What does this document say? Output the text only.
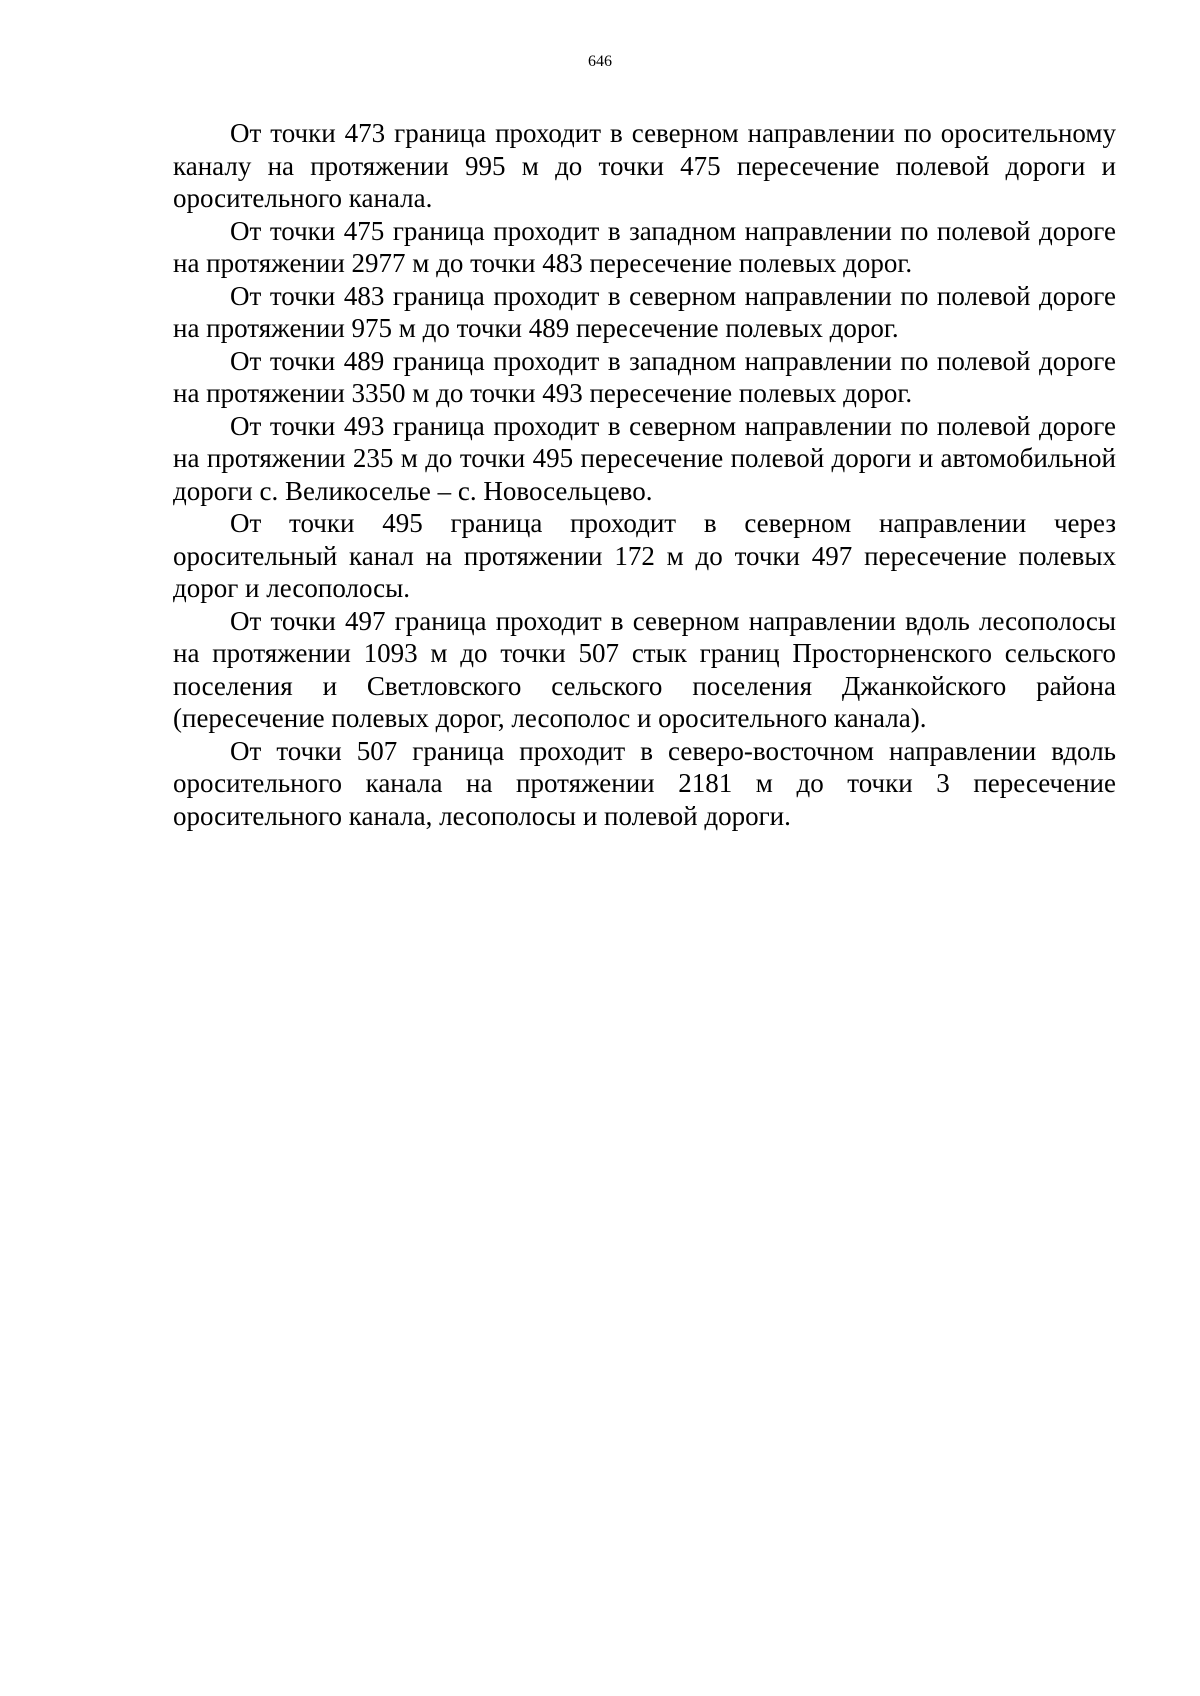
646

От точки 473 граница проходит в северном направлении по оросительному каналу на протяжении 995 м до точки 475 пересечение полевой дороги и оросительного канала.

От точки 475 граница проходит в западном направлении по полевой дороге на протяжении 2977 м до точки 483 пересечение полевых дорог.

От точки 483 граница проходит в северном направлении по полевой дороге на протяжении 975 м до точки 489 пересечение полевых дорог.

От точки 489 граница проходит в западном направлении по полевой дороге на протяжении 3350 м до точки 493 пересечение полевых дорог.

От точки 493 граница проходит в северном направлении по полевой дороге на протяжении 235 м до точки 495 пересечение полевой дороги и автомобильной дороги с. Великоселье – с. Новосельцево.

От точки 495 граница проходит в северном направлении через оросительный канал на протяжении 172 м до точки 497 пересечение полевых дорог и лесополосы.

От точки 497 граница проходит в северном направлении вдоль лесополосы на протяжении 1093 м до точки 507 стык границ Просторненского сельского поселения и Светловского сельского поселения Джанкойского района (пересечение полевых дорог, лесополос и оросительного канала).

От точки 507 граница проходит в северо-восточном направлении вдоль оросительного канала на протяжении 2181 м до точки 3 пересечение оросительного канала, лесополосы и полевой дороги.
